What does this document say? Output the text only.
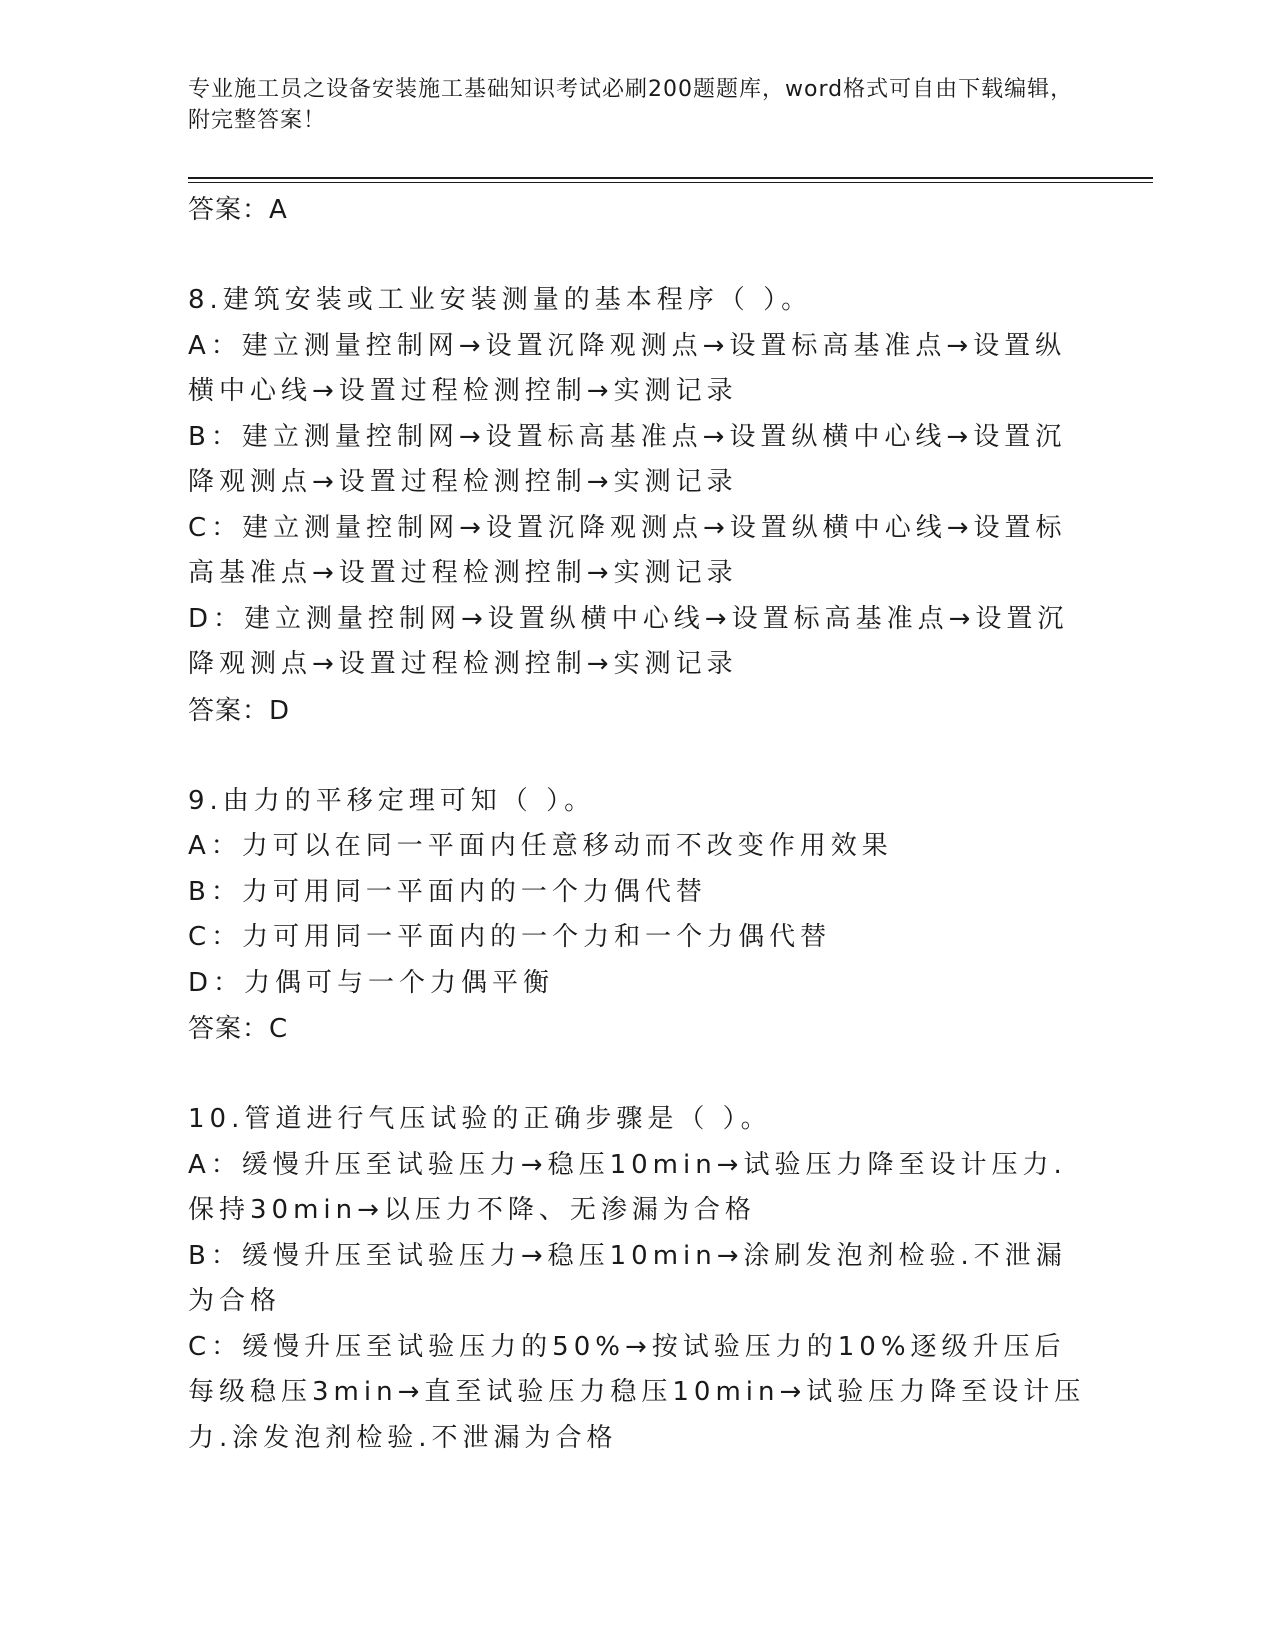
专业施工员之设备安装施工基础知识考试必刷200题题库，word格式可自由下载编辑，附完整答案！
答案：A
8.建筑安装或工业安装测量的基本程序（ ）。
A：建立测量控制网→设置沉降观测点→设置标高基准点→设置纵横中心线→设置过程检测控制→实测记录
B：建立测量控制网→设置标高基准点→设置纵横中心线→设置沉降观测点→设置过程检测控制→实测记录
C：建立测量控制网→设置沉降观测点→设置纵横中心线→设置标高基准点→设置过程检测控制→实测记录
D：建立测量控制网→设置纵横中心线→设置标高基准点→设置沉降观测点→设置过程检测控制→实测记录
答案：D
9.由力的平移定理可知（ ）。
A：力可以在同一平面内任意移动而不改变作用效果
B：力可用同一平面内的一个力偶代替
C：力可用同一平面内的一个力和一个力偶代替
D：力偶可与一个力偶平衡
答案：C
10.管道进行气压试验的正确步骤是（ ）。
A：缓慢升压至试验压力→稳压10min→试验压力降至设计压力.保持30min→以压力不降、无渗漏为合格
B：缓慢升压至试验压力→稳压10min→涂刷发泡剂检验.不泄漏为合格
C：缓慢升压至试验压力的50%→按试验压力的10%逐级升压后每级稳压3min→直至试验压力稳压10min→试验压力降至设计压力.涂发泡剂检验.不泄漏为合格
